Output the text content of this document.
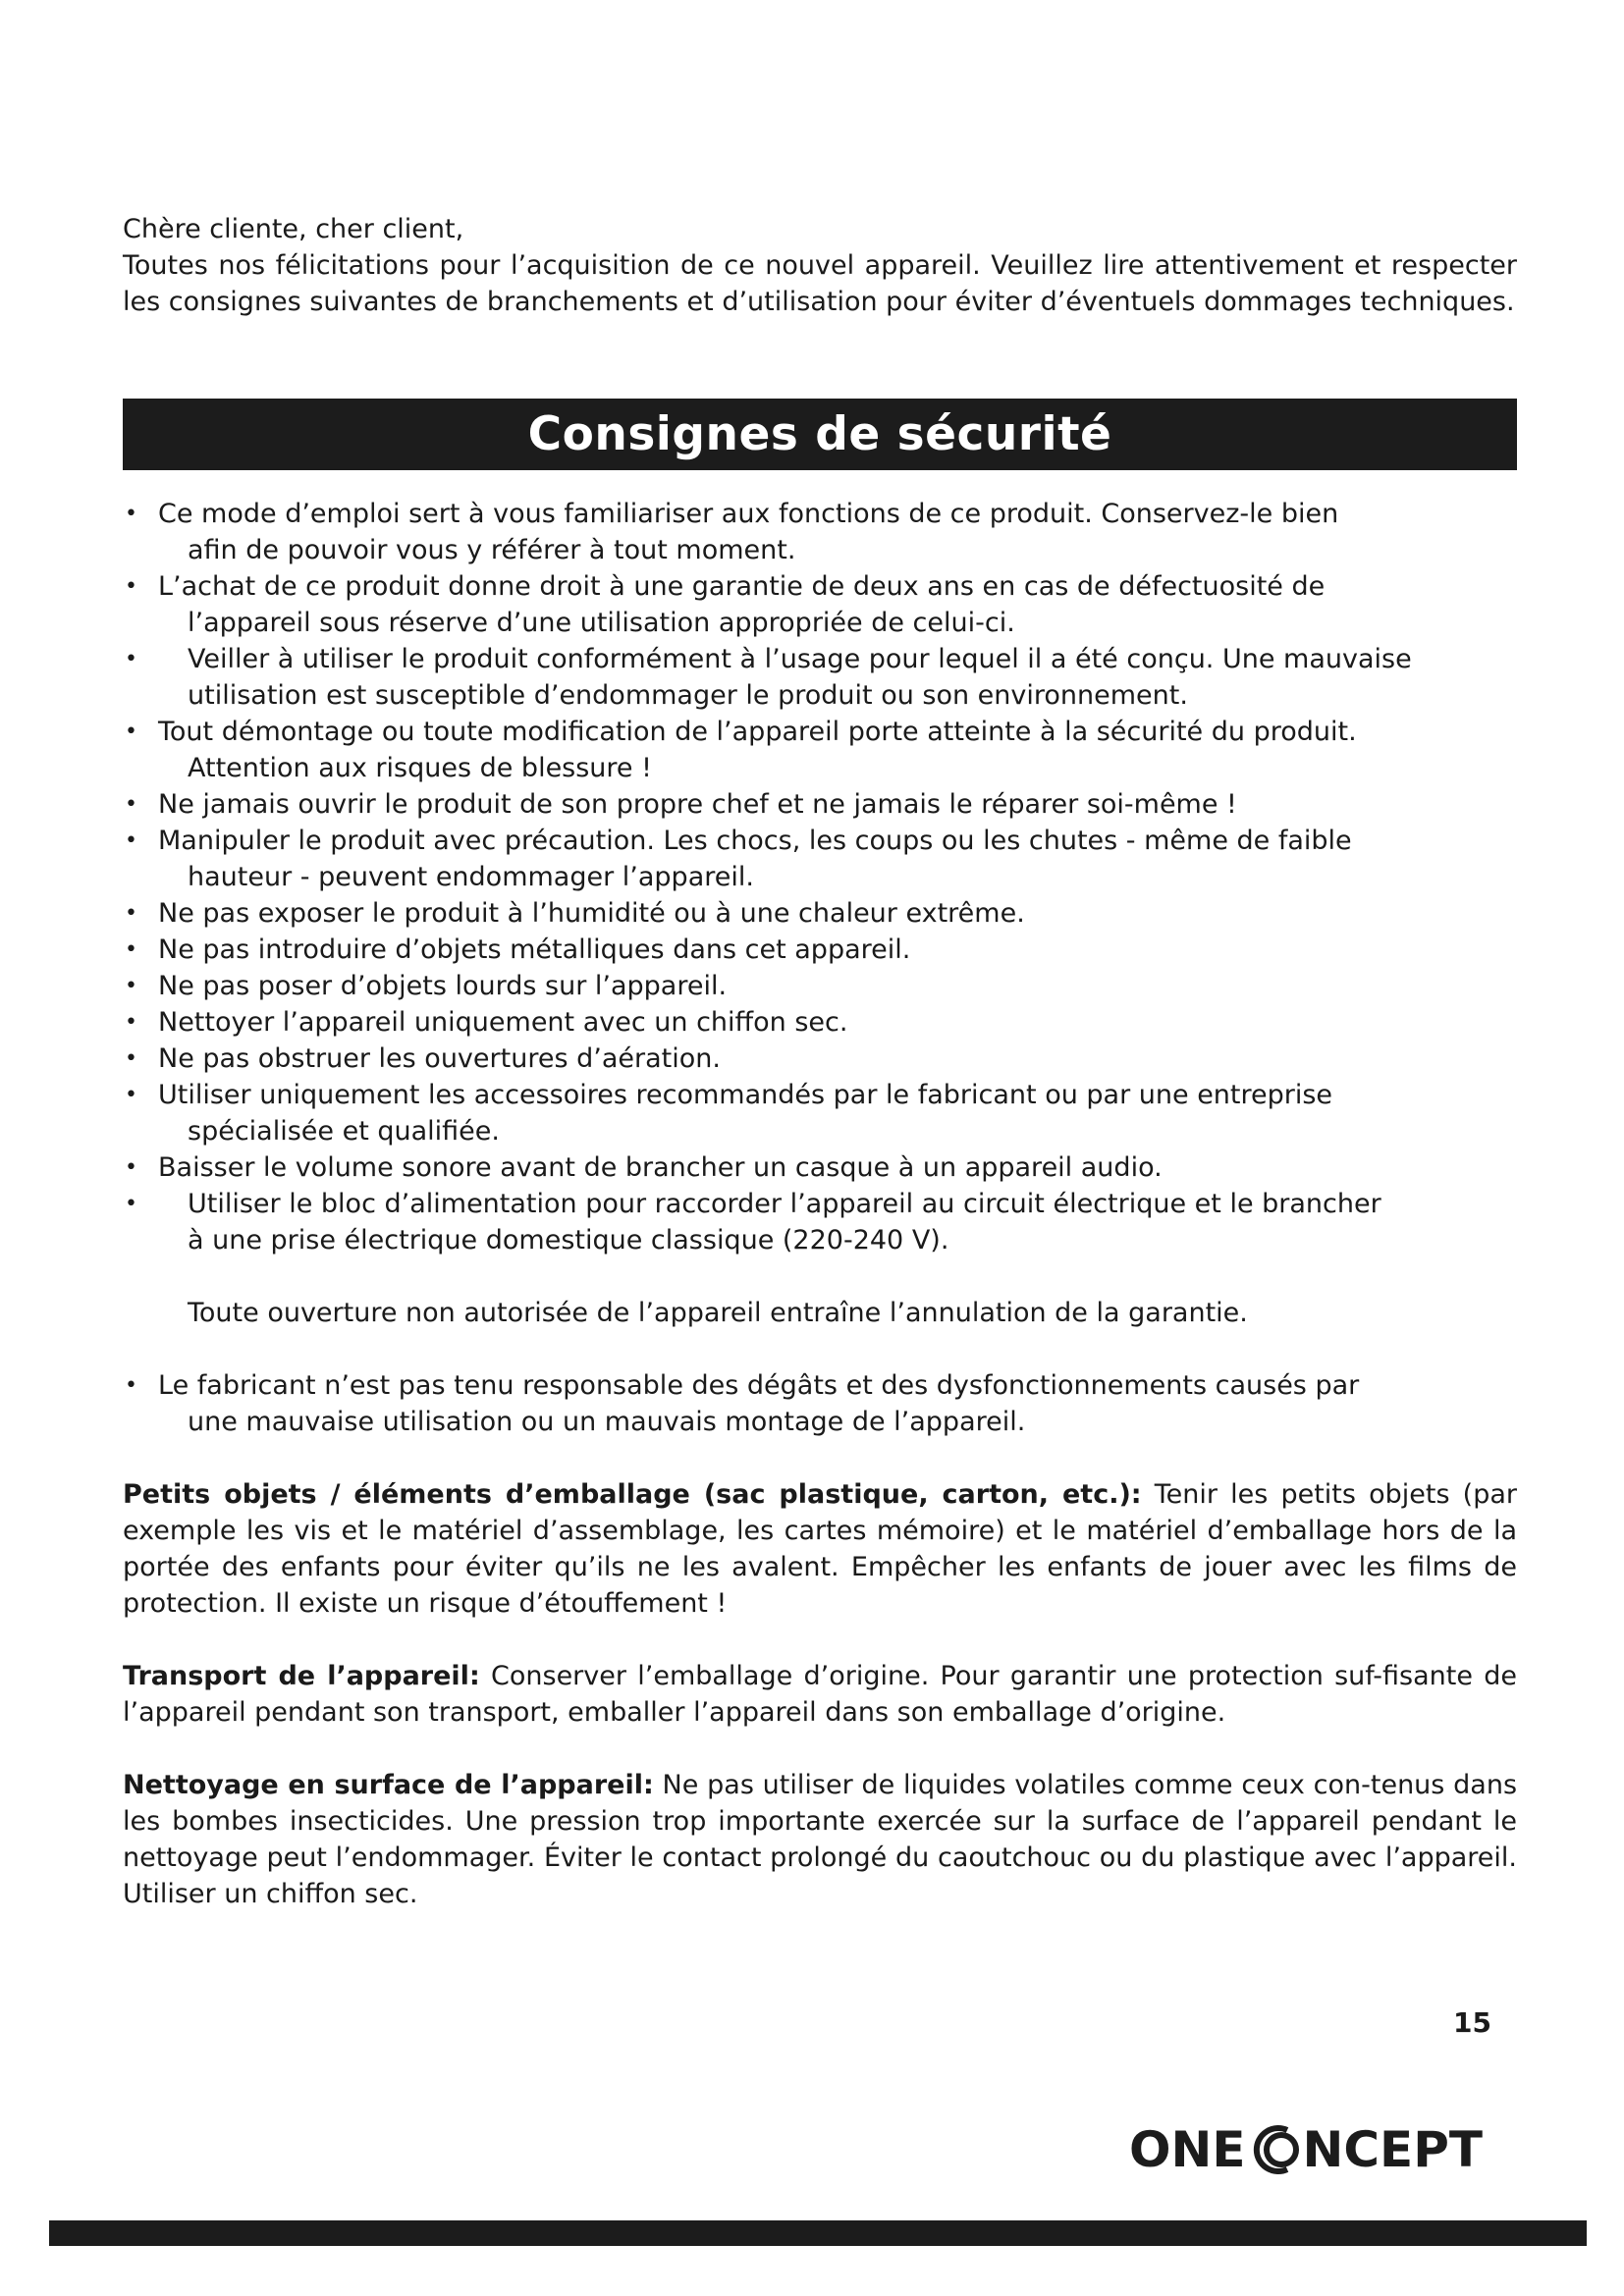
Chère cliente, cher client,

Toutes nos félicitations pour l’acquisition de ce nouvel appareil. Veuillez lire attentivement et respecter les consignes suivantes de branchements et d’utilisation pour éviter d’éventuels dommages techniques.

Consignes de sécurité
• Ce mode d’emploi sert à vous familiariser aux fonctions de ce produit. Conservez-le bien
afin de pouvoir vous y référer à tout moment.
• L’achat de ce produit donne droit à une garantie de deux ans en cas de défectuosité de
l’appareil sous réserve d’une utilisation appropriée de celui-ci.
•	Veiller à utiliser le produit conformément à l’usage pour lequel il a été conçu. Une mauvaise
utilisation est susceptible d’endommager le produit ou son environnement.
• Tout démontage ou toute modification de l’appareil porte atteinte à la sécurité du produit.
Attention aux risques de blessure !
• Ne jamais ouvrir le produit de son propre chef et ne jamais le réparer soi-même !
• Manipuler le produit avec précaution. Les chocs, les coups ou les chutes - même de faible
hauteur - peuvent endommager l’appareil.
• Ne pas exposer le produit à l’humidité ou à une chaleur extrême.
• Ne pas introduire d’objets métalliques dans cet appareil.
• Ne pas poser d’objets lourds sur l’appareil.
• Nettoyer l’appareil uniquement avec un chiffon sec.
• Ne pas obstruer les ouvertures d’aération.
• Utiliser uniquement les accessoires recommandés par le fabricant ou par une entreprise
spécialisée et qualifiée.
• Baisser le volume sonore avant de brancher un casque à un appareil audio.
•	Utiliser le bloc d’alimentation pour raccorder l’appareil au circuit électrique et le brancher
à une prise électrique domestique classique (220-240 V).
Toute ouverture non autorisée de l’appareil entraîne l’annulation de la garantie.
• Le fabricant n’est pas tenu responsable des dégâts et des dysfonctionnements causés par
une mauvaise utilisation ou un mauvais montage de l’appareil.
Petits objets / éléments d’emballage (sac plastique, carton, etc.): Tenir les petits objets (par exemple les vis et le matériel d’assemblage, les cartes mémoire) et le matériel d’emballage hors de la portée des enfants pour éviter qu’ils ne les avalent. Empêcher les enfants de jouer avec les films de protection. Il existe un risque d’étouffement !
Transport de l’appareil: Conserver l’emballage d’origine. Pour garantir une protection suf-fisante de l’appareil pendant son transport, emballer l’appareil dans son emballage d’origine.
Nettoyage en surface de l’appareil: Ne pas utiliser de liquides volatiles comme ceux con-tenus dans les bombes insecticides. Une pression trop importante exercée sur la surface de l’appareil pendant le nettoyage peut l’endommager. Éviter le contact prolongé du caoutchouc ou du plastique avec l’appareil. Utiliser un chiffon sec.
15
ONE NCEPT
